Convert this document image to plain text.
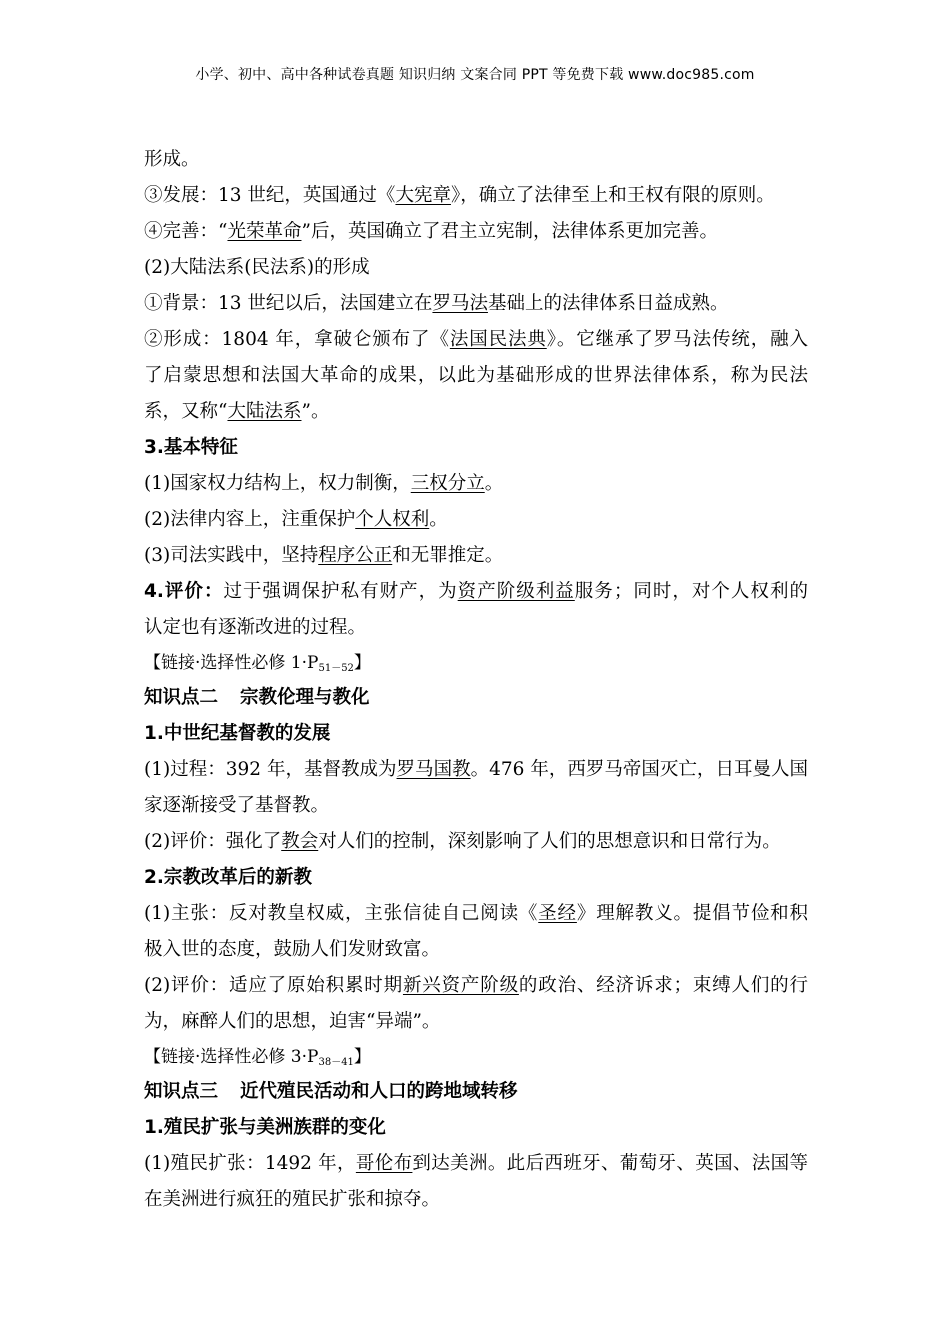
小学、初中、高中各种试卷真题 知识归纳 文案合同 PPT 等免费下载 www.doc985.com
形成。
③发展：13 世纪，英国通过《大宪章》，确立了法律至上和王权有限的原则。
④完善：“光荣革命”后，英国确立了君主立宪制，法律体系更加完善。
(2)大陆法系(民法系)的形成
①背景：13 世纪以后，法国建立在罗马法基础上的法律体系日益成熟。
②形成：1804 年，拿破仑颁布了《法国民法典》。它继承了罗马法传统，融入
了启蒙思想和法国大革命的成果，以此为基础形成的世界法律体系，称为民法
系，又称“大陆法系”。
3.基本特征
(1)国家权力结构上，权力制衡，三权分立。
(2)法律内容上，注重保护个人权利。
(3)司法实践中，坚持程序公正和无罪推定。
4.评价：过于强调保护私有财产，为资产阶级利益服务；同时，对个人权利的
认定也有逐渐改进的过程。
【链接·选择性必修 $1\cdot P_{51-52}$】
知识点二 宗教伦理与教化
1.中世纪基督教的发展
(1)过程：392 年，基督教成为罗马国教。476 年，西罗马帝国灭亡，日耳曼人国
家逐渐接受了基督教。
(2)评价：强化了教会对人们的控制，深刻影响了人们的思想意识和日常行为。
2.宗教改革后的新教
(1)主张：反对教皇权威，主张信徒自己阅读《圣经》理解教义。提倡节俭和积
极入世的态度，鼓励人们发财致富。
(2)评价：适应了原始积累时期新兴资产阶级的政治、经济诉求；束缚人们的行
为，麻醉人们的思想，迫害“异端”。
【链接·选择性必修 $3\cdot P_{38-41}$】
知识点三 近代殖民活动和人口的跨地域转移
1.殖民扩张与美洲族群的变化
(1)殖民扩张：1492 年，哥伦布到达美洲。此后西班牙、葡萄牙、英国、法国等
在美洲进行疯狂的殖民扩张和掠夺。
